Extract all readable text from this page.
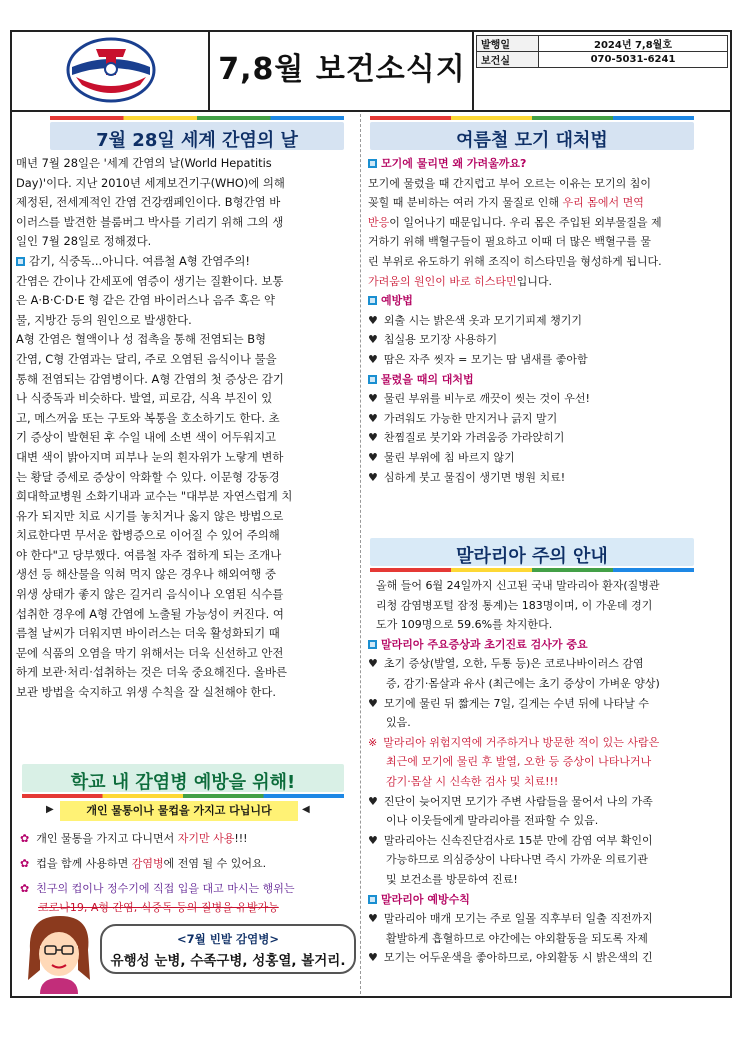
7,8월 보건소식지
발행일	2024년 7,8월호
보건실	070-5031-6241
7월 28일 세계 간염의 날
매년 7월 28일은 '세계 간염의 날(World Hepatitis
Day)'이다. 지난 2010년 세계보건기구(WHO)에 의해
제정된, 전세계적인 간염 건강캠페인이다. B형간염 바
이러스를 발견한 블룸버그 박사를 기리기 위해 그의 생
일인 7월 28일로 정해졌다.
감기, 식중독...아니다. 여름철 A형 간염주의!
간염은 간이나 간세포에 염증이 생기는 질환이다. 보통
은 A·B·C·D·E 형 같은 간염 바이러스나 음주 혹은 약
물, 지방간 등의 원인으로 발생한다.
A형 간염은 혈액이나 성 접촉을 통해 전염되는 B형
간염, C형 간염과는 달리, 주로 오염된 음식이나 물을
통해 전염되는 감염병이다. A형 간염의 첫 증상은 감기
나 식중독과 비슷하다. 발열, 피로감, 식욕 부진이 있
고, 메스꺼움 또는 구토와 복통을 호소하기도 한다. 초
기 증상이 발현된 후 수일 내에 소변 색이 어두워지고
대변 색이 밝아지며 피부나 눈의 흰자위가 노랗게 변하
는 황달 증세로 증상이 악화할 수 있다. 이문형 강동경
희대학교병원 소화기내과 교수는 "대부분 자연스럽게 치
유가 되지만 치료 시기를 놓치거나 옳지 않은 방법으로
치료한다면 무서운 합병증으로 이어질 수 있어 주의해
야 한다"고 당부했다. 여름철 자주 접하게 되는 조개나
생선 등 해산물을 익혀 먹지 않은 경우나 해외여행 중
위생 상태가 좋지 않은 길거리 음식이나 오염된 식수를
섭취한 경우에 A형 간염에 노출될 가능성이 커진다. 여
름철 날씨가 더워지면 바이러스는 더욱 활성화되기 때
문에 식품의 오염을 막기 위해서는 더욱 신선하고 안전
하게 보관·처리·섭취하는 것은 더욱 중요해진다. 올바른
보관 방법을 숙지하고 위생 수칙을 잘 실천해야 한다.
학교 내 감염병 예방을 위해!
▶	개인 물통이나 물컵을 가지고 다닙니다	◀
✿ 개인 물통을 가지고 다니면서 자기만 사용!!!
✿ 컵을 함께 사용하면 감염병에 전염 될 수 있어요.
✿ 친구의 컵이나 정수기에 직접 입을 대고 마시는 행위는
코로나19, A형 간염, 식중독 등의 질병을 유발가능
<7월 빈발 감염병>
유행성 눈병, 수족구병, 성홍열, 볼거리.
여름철 모기 대처법
모기에 물리면 왜 가려울까요?
모기에 물렸을 때 간지럽고 부어 오르는 이유는 모기의 침이
꽂힐 때 분비하는 여러 가지 물질로 인해 우리 몸에서 면역
반응이 일어나기 때문입니다. 우리 몸은 주입된 외부물질을 제
거하기 위해 백혈구들이 필요하고 이때 더 많은 백혈구를 물
린 부위로 유도하기 위해 조직이 히스타민을 형성하게 됩니다.
가려움의 원인이 바로 히스타민입니다.
예방법
♥ 외출 시는 밝은색 옷과 모기기피제 챙기기
♥ 침실용 모기장 사용하기
♥ 땀은 자주 씻자 = 모기는 땀 냄새를 좋아함
물렸을 때의 대처법
♥ 물린 부위를 비누로 깨끗이 씻는 것이 우선!
♥ 가려워도 가능한 만지거나 긁지 말기
♥ 찬찜질로 붓기와 가려움증 가라앉히기
♥ 물린 부위에 침 바르지 않기
♥ 심하게 붓고 물집이 생기면 병원 치료!
말라리아 주의 안내
올해 들어 6월 24일까지 신고된 국내 말라리아 환자(질병관
리청 감염병포털 잠정 통계)는 183명이며, 이 가운데 경기
도가 109명으로 59.6%를 차지한다.
말라리아 주요증상과 초기진료 검사가 중요
♥ 초기 증상(발열, 오한, 두통 등)은 코로나바이러스 감염
증, 감기·몸살과 유사 (최근에는 초기 증상이 가벼운 양상)
♥ 모기에 물린 뒤 짧게는 7일, 길게는 수년 뒤에 나타날 수
있음.
※ 말라리아 위험지역에 거주하거나 방문한 적이 있는 사람은
최근에 모기에 물린 후 발열, 오한 등 증상이 나타나거나
감기·몸살 시 신속한 검사 및 치료!!!
♥ 진단이 늦어지면 모기가 주변 사람들을 물어서 나의 가족
이나 이웃들에게 말라리아를 전파할 수 있음.
♥ 말라리아는 신속진단검사로 15분 만에 감염 여부 확인이
가능하므로 의심증상이 나타나면 즉시 가까운 의료기관
및 보건소를 방문하여 진료!
말라리아 예방수칙
♥ 말라리아 매개 모기는 주로 일몰 직후부터 일출 직전까지
활발하게 흡혈하므로 야간에는 야외활동을 되도록 자제
♥ 모기는 어두운색을 좋아하므로, 야외활동 시 밝은색의 긴
